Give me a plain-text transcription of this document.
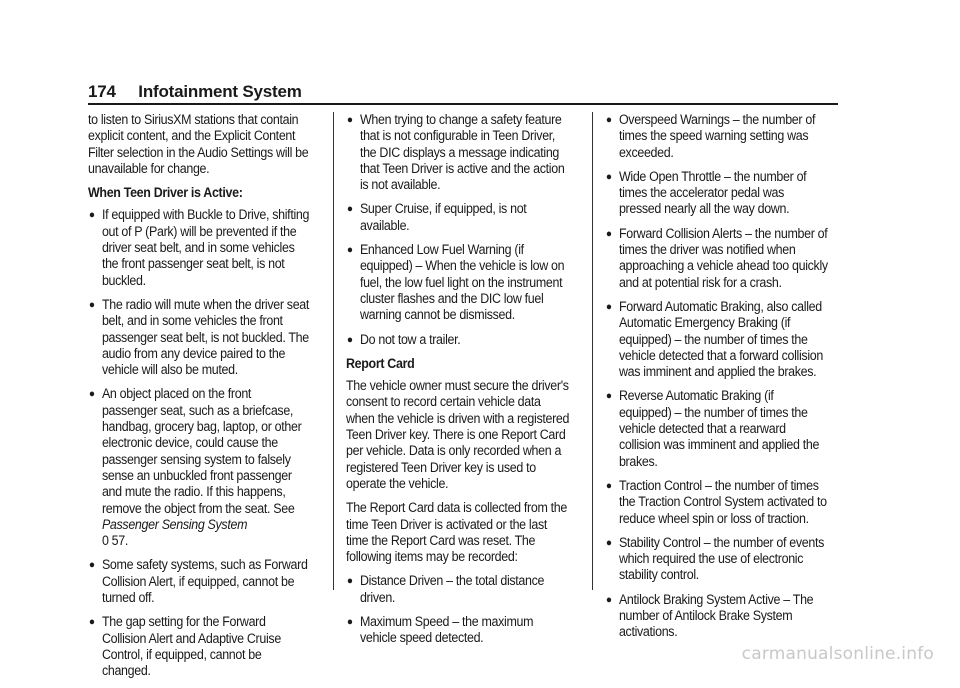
174 Infotainment System

to listen to SiriusXM stations that contain explicit content, and the Explicit Content Filter selection in the Audio Settings will be unavailable for change.

When Teen Driver is Active:

● If equipped with Buckle to Drive, shifting out of P (Park) will be prevented if the driver seat belt, and in some vehicles the front passenger seat belt, is not buckled.
● The radio will mute when the driver seat belt, and in some vehicles the front passenger seat belt, is not buckled. The audio from any device paired to the vehicle will also be muted.
● An object placed on the front passenger seat, such as a briefcase, handbag, grocery bag, laptop, or other electronic device, could cause the passenger sensing system to falsely sense an unbuckled front passenger and mute the radio. If this happens, remove the object from the seat. See Passenger Sensing System
0 57.
● Some safety systems, such as Forward Collision Alert, if equipped, cannot be turned off.
● The gap setting for the Forward Collision Alert and Adaptive Cruise Control, if equipped, cannot be changed.
● When trying to change a safety feature that is not configurable in Teen Driver, the DIC displays a message indicating that Teen Driver is active and the action is not available.
● Super Cruise, if equipped, is not available.
● Enhanced Low Fuel Warning (if equipped) – When the vehicle is low on fuel, the low fuel light on the instrument cluster flashes and the DIC low fuel warning cannot be dismissed.
● Do not tow a trailer.

Report Card

The vehicle owner must secure the driver's consent to record certain vehicle data when the vehicle is driven with a registered Teen Driver key. There is one Report Card per vehicle. Data is only recorded when a registered Teen Driver key is used to operate the vehicle.

The Report Card data is collected from the time Teen Driver is activated or the last time the Report Card was reset. The following items may be recorded:

● Distance Driven – the total distance driven.
● Maximum Speed – the maximum vehicle speed detected.
● Overspeed Warnings – the number of times the speed warning setting was exceeded.
● Wide Open Throttle – the number of times the accelerator pedal was pressed nearly all the way down.
● Forward Collision Alerts – the number of times the driver was notified when approaching a vehicle ahead too quickly and at potential risk for a crash.
● Forward Automatic Braking, also called Automatic Emergency Braking (if equipped) – the number of times the vehicle detected that a forward collision was imminent and applied the brakes.
● Reverse Automatic Braking (if equipped) – the number of times the vehicle detected that a rearward collision was imminent and applied the brakes.
● Traction Control – the number of times the Traction Control System activated to reduce wheel spin or loss of traction.
● Stability Control – the number of events which required the use of electronic stability control.
● Antilock Braking System Active – The number of Antilock Brake System activations.
carmanualsonline.info
